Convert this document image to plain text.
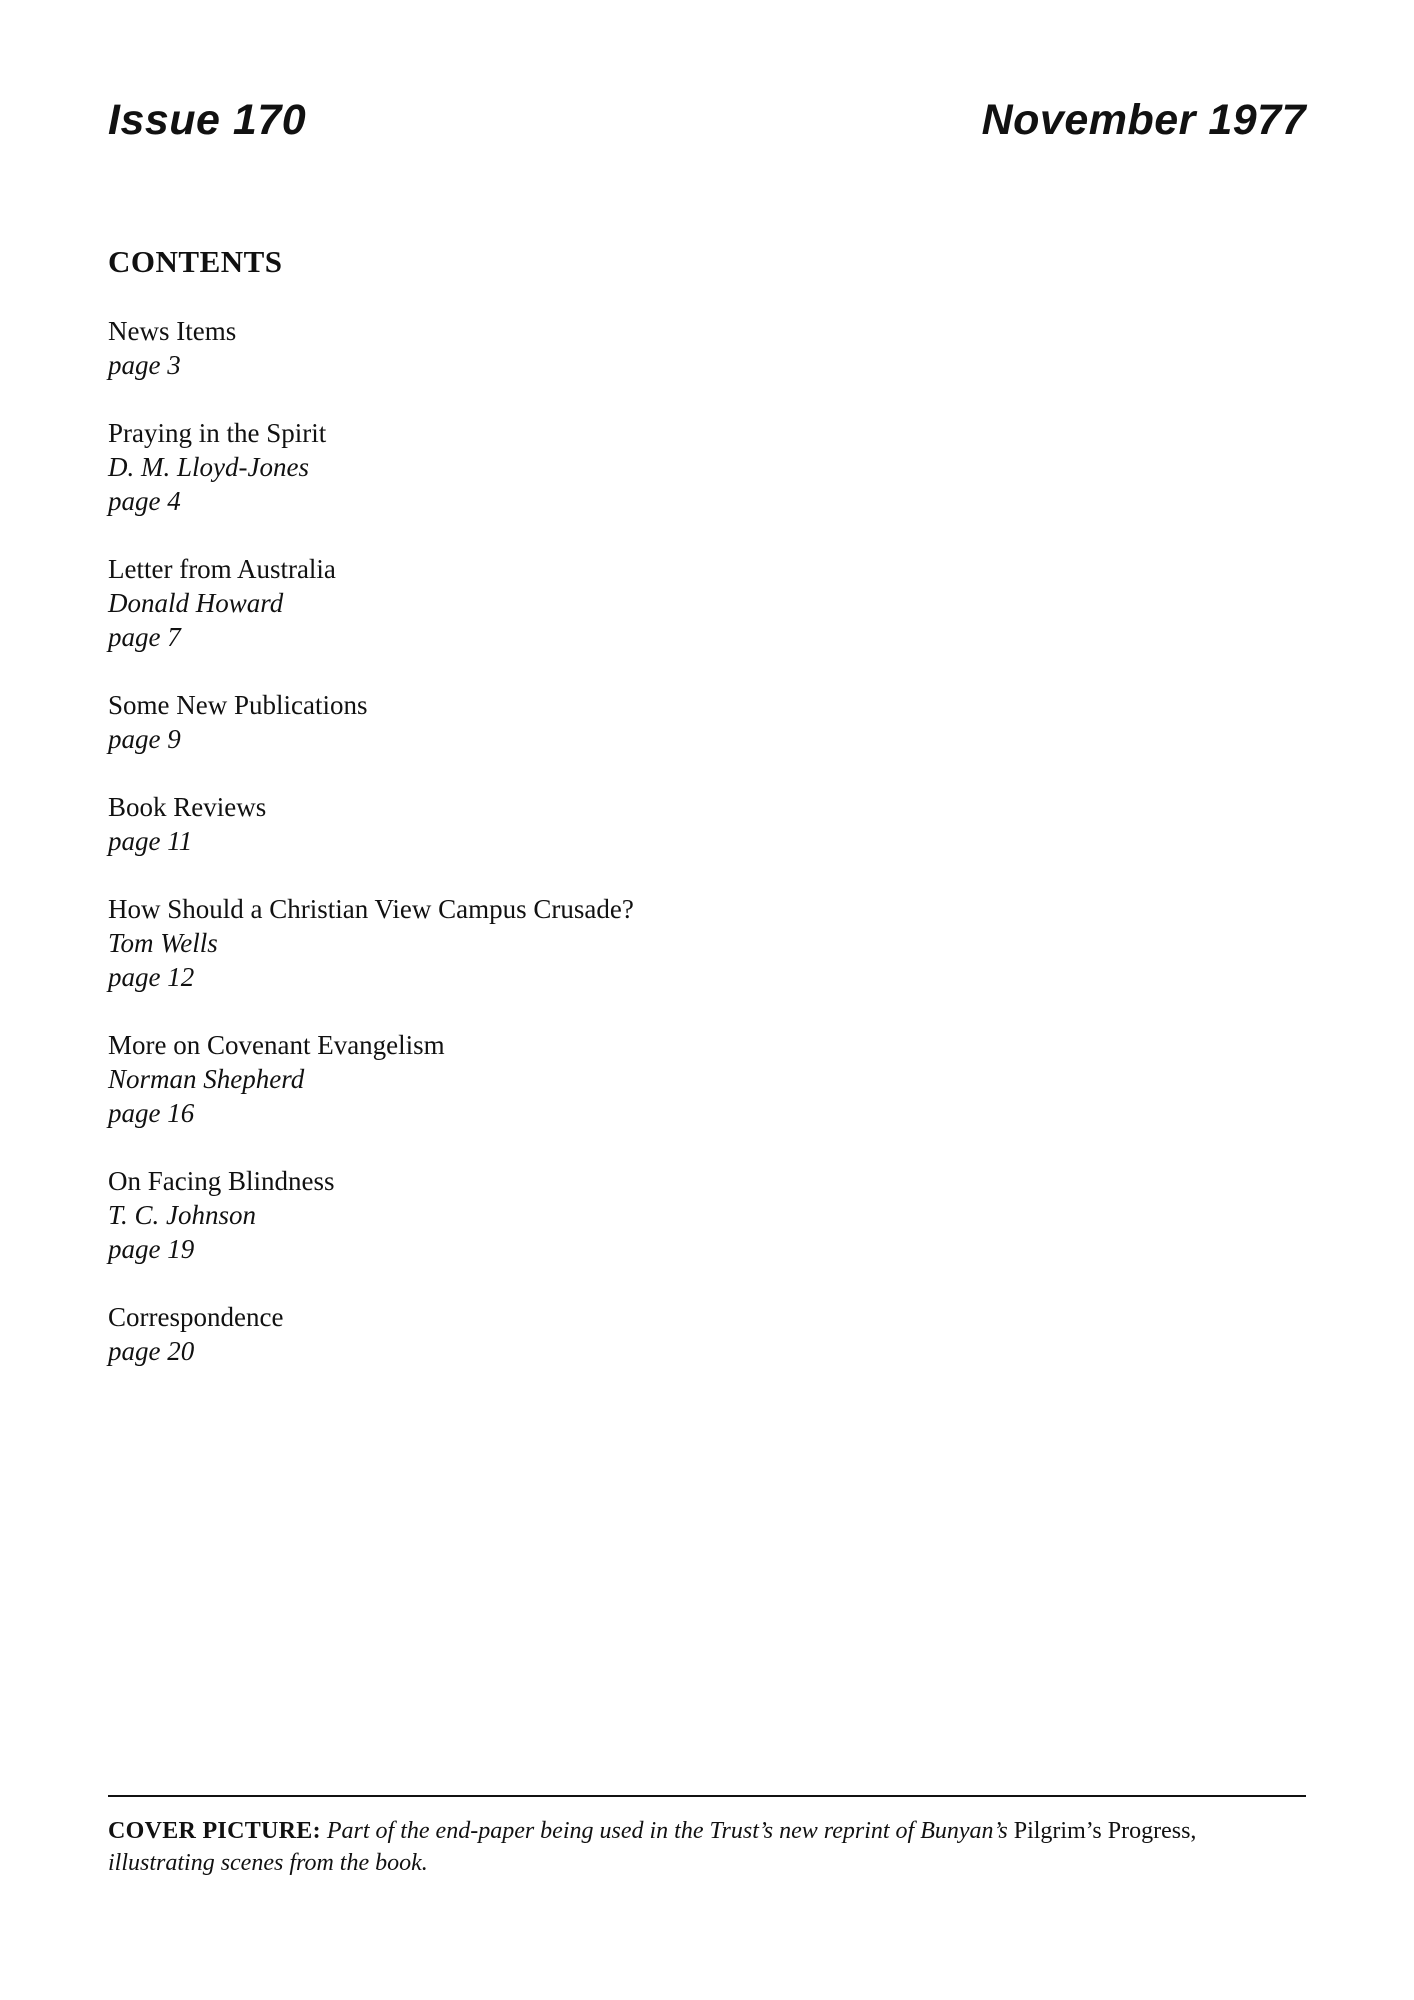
Issue 170	November 1977
CONTENTS
News Items
page 3
Praying in the Spirit
D. M. Lloyd-Jones
page 4
Letter from Australia
Donald Howard
page 7
Some New Publications
page 9
Book Reviews
page 11
How Should a Christian View Campus Crusade?
Tom Wells
page 12
More on Covenant Evangelism
Norman Shepherd
page 16
On Facing Blindness
T. C. Johnson
page 19
Correspondence
page 20
COVER PICTURE: Part of the end-paper being used in the Trust’s new reprint of Bunyan’s Pilgrim’s Progress, illustrating scenes from the book.
